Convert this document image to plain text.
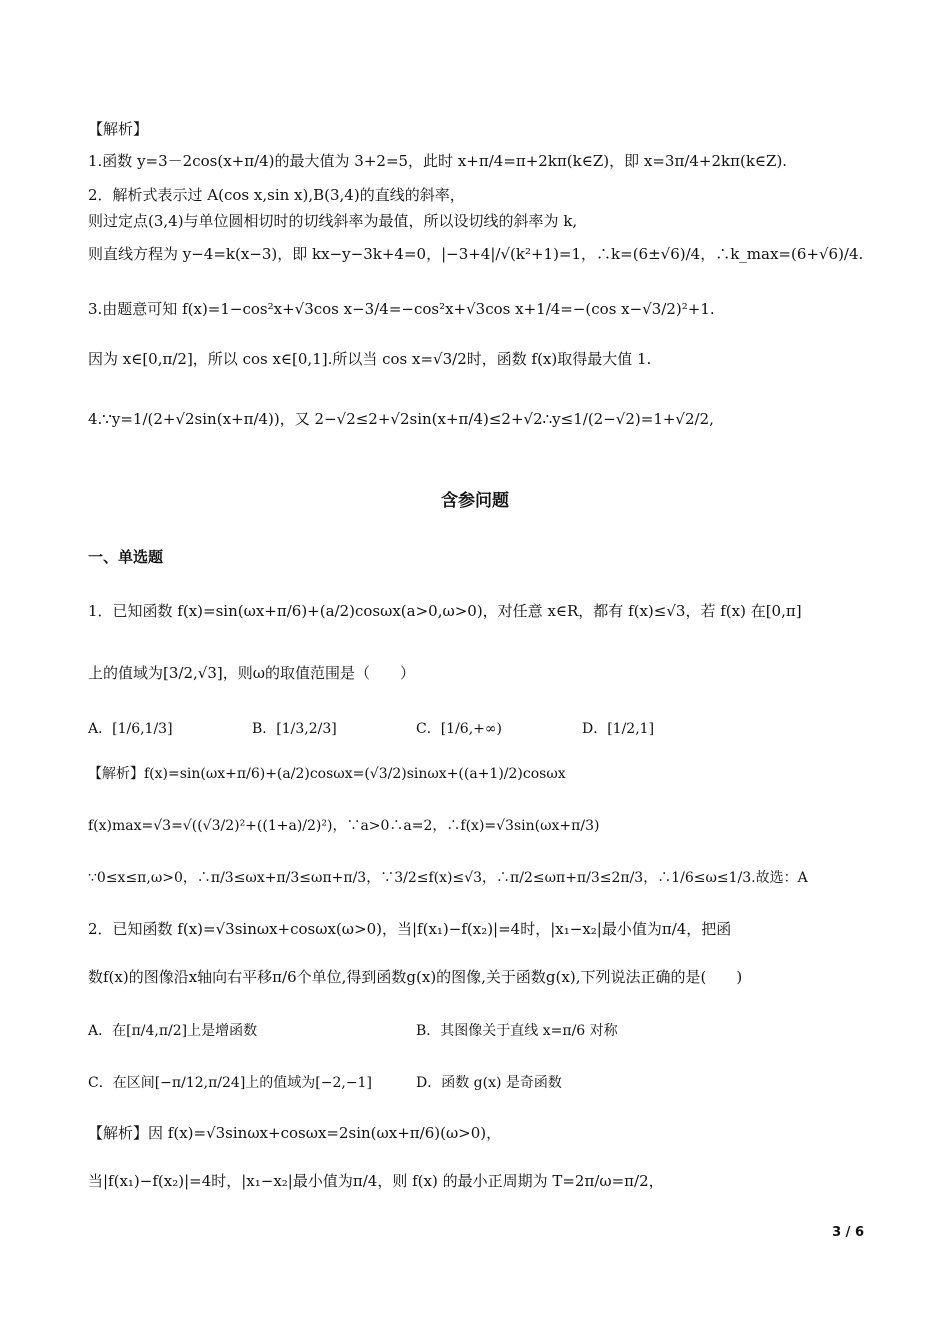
【解析】
1.函数 y=3－2cos(x+π/4)的最大值为 3+2=5，此时 x+π/4=π+2kπ(k∈Z)，即 x=3π/4+2kπ(k∈Z).
2．解析式表示过 A(cos x,sin x),B(3,4)的直线的斜率，
则过定点(3,4)与单位圆相切时的切线斜率为最值，所以设切线的斜率为 k,
则直线方程为 y−4=k(x−3)，即 kx−y−3k+4=0，|−3+4|/√(k²+1)=1，∴k=(6±√6)/4，∴k_max=(6+√6)/4.
3.由题意可知 f(x)=1−cos²x+√3cos x−3/4=−cos²x+√3cos x+1/4=−(cos x−√3/2)²+1.
因为 x∈[0,π/2]，所以 cos x∈[0,1].所以当 cos x=√3/2时，函数 f(x)取得最大值 1.
4.∵y=1/(2+√2sin(x+π/4))，又 2−√2≤2+√2sin(x+π/4)≤2+√2∴y≤1/(2−√2)=1+√2/2,
含参问题
一、单选题
1．已知函数 f(x)=sin(ωx+π/6)+(a/2)cosωx(a>0,ω>0)，对任意 x∈R，都有 f(x)≤√3，若 f(x) 在[0,π]
上的值域为[3/2,√3]，则ω的取值范围是（　　）
A．[1/6,1/3]	B．[1/3,2/3]	C．[1/6,+∞)	D．[1/2,1]
【解析】f(x)=sin(ωx+π/6)+(a/2)cosωx=(√3/2)sinωx+((a+1)/2)cosωx
f(x)max=√3=√((√3/2)²+((1+a)/2)²)，∵a>0∴a=2，∴f(x)=√3sin(ωx+π/3)
∵0≤x≤π,ω>0，∴π/3≤ωx+π/3≤ωπ+π/3，∵3/2≤f(x)≤√3，∴π/2≤ωπ+π/3≤2π/3，∴1/6≤ω≤1/3.故选：A
2．已知函数 f(x)=√3sinωx+cosωx(ω>0)，当|f(x₁)−f(x₂)|=4时，|x₁−x₂|最小值为π/4，把函
数f(x)的图像沿x轴向右平移π/6个单位,得到函数g(x)的图像,关于函数g(x),下列说法正确的是(　　)
A．在[π/4,π/2]上是增函数	B．其图像关于直线 x=π/6 对称
C．在区间[−π/12,π/24]上的值域为[−2,−1]	D．函数 g(x) 是奇函数
【解析】因 f(x)=√3sinωx+cosωx=2sin(ωx+π/6)(ω>0)，
当|f(x₁)−f(x₂)|=4时，|x₁−x₂|最小值为π/4，则 f(x) 的最小正周期为 T=2π/ω=π/2，
3 / 6
